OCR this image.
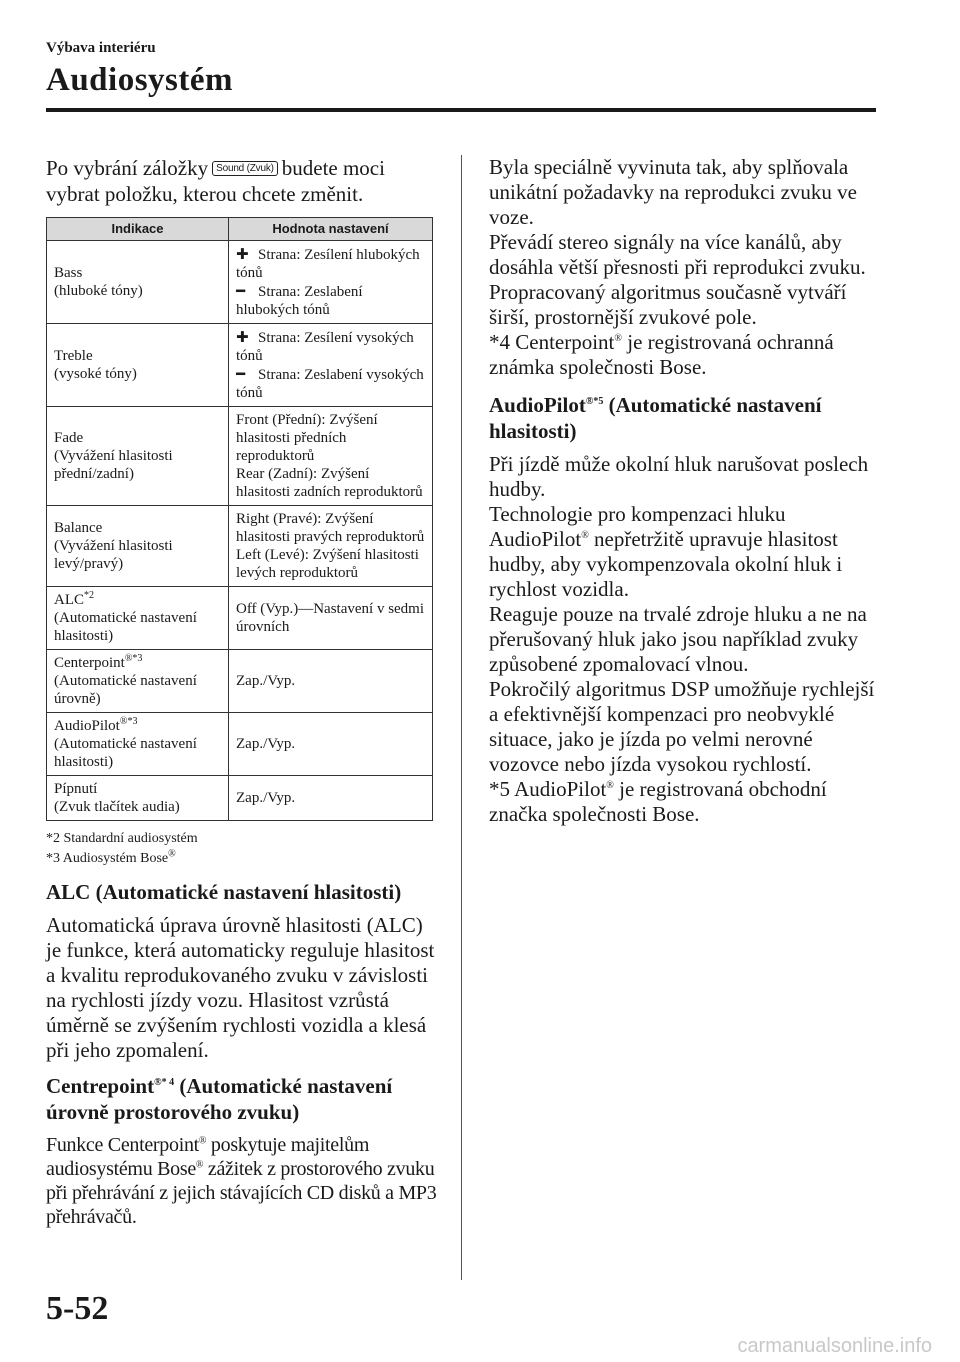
Výbava interiéru
Audiosystém

Po vybrání záložky Sound (Zvuk) budete moci vybrat položku, kterou chcete změnit.

Indikace	Hodnota nastavení

Bass
(hluboké tóny)	✚ Strana: Zesílení hlubokých tónů
━ Strana: Zeslabení hlubokých tónů

Treble
(vysoké tóny)	✚ Strana: Zesílení vysokých tónů
━ Strana: Zeslabení vysokých tónů

Fade
(Vyvážení hlasitosti přední/zadní)	Front (Přední): Zvýšení hlasitosti předních reproduktorů
Rear (Zadní): Zvýšení hlasitosti zadních reproduktorů

Balance
(Vyvážení hlasitosti levý/pravý)	Right (Pravé): Zvýšení hlasitosti pravých reproduktorů
Left (Levé): Zvýšení hlasitosti levých reproduktorů

ALC$^{*2}$
(Automatické nastavení hlasitosti)	Off (Vyp.)—Nastavení v sedmi úrovních

Centerpoint$^{®*3}$
(Automatické nastavení úrovně)	Zap./Vyp.

AudioPilot$^{®*3}$
(Automatické nastavení hlasitosti)	Zap./Vyp.

Pípnutí
(Zvuk tlačítek audia)	Zap./Vyp.
*2 Standardní audiosystém
*3 Audiosystém Bose®
ALC (Automatické nastavení hlasitosti)

Automatická úprava úrovně hlasitosti (ALC) je funkce, která automaticky reguluje hlasitost a kvalitu reprodukovaného zvuku v závislosti na rychlosti jízdy vozu. Hlasitost vzrůstá úměrně se zvýšením rychlosti vozidla a klesá při jeho zpomalení.

Centrepoint$^{®* 4}$ (Automatické nastavení úrovně prostorového zvuku)

Funkce Centerpoint® poskytuje majitelům audiosystému Bose® zážitek z prostorového zvuku při přehrávání z jejich stávajících CD disků a MP3 přehrávačů.

Byla speciálně vyvinuta tak, aby splňovala unikátní požadavky na reprodukci zvuku ve voze.

Převádí stereo signály na více kanálů, aby dosáhla větší přesnosti při reprodukci zvuku.

Propracovaný algoritmus současně vytváří širší, prostornější zvukové pole.

*4 Centerpoint® je registrovaná ochranná známka společnosti Bose.

AudioPilot$^{®*5}$ (Automatické nastavení hlasitosti)

Při jízdě může okolní hluk narušovat poslech hudby.

Technologie pro kompenzaci hluku AudioPilot® nepřetržitě upravuje hlasitost hudby, aby vykompenzovala okolní hluk i rychlost vozidla.

Reaguje pouze na trvalé zdroje hluku a ne na přerušovaný hluk jako jsou například zvuky způsobené zpomalovací vlnou.

Pokročilý algoritmus DSP umožňuje rychlejší a efektivnější kompenzaci pro neobvyklé situace, jako je jízda po velmi nerovné vozovce nebo jízda vysokou rychlostí.

*5 AudioPilot® je registrovaná obchodní značka společnosti Bose.

5-52
carmanualsonline.info
